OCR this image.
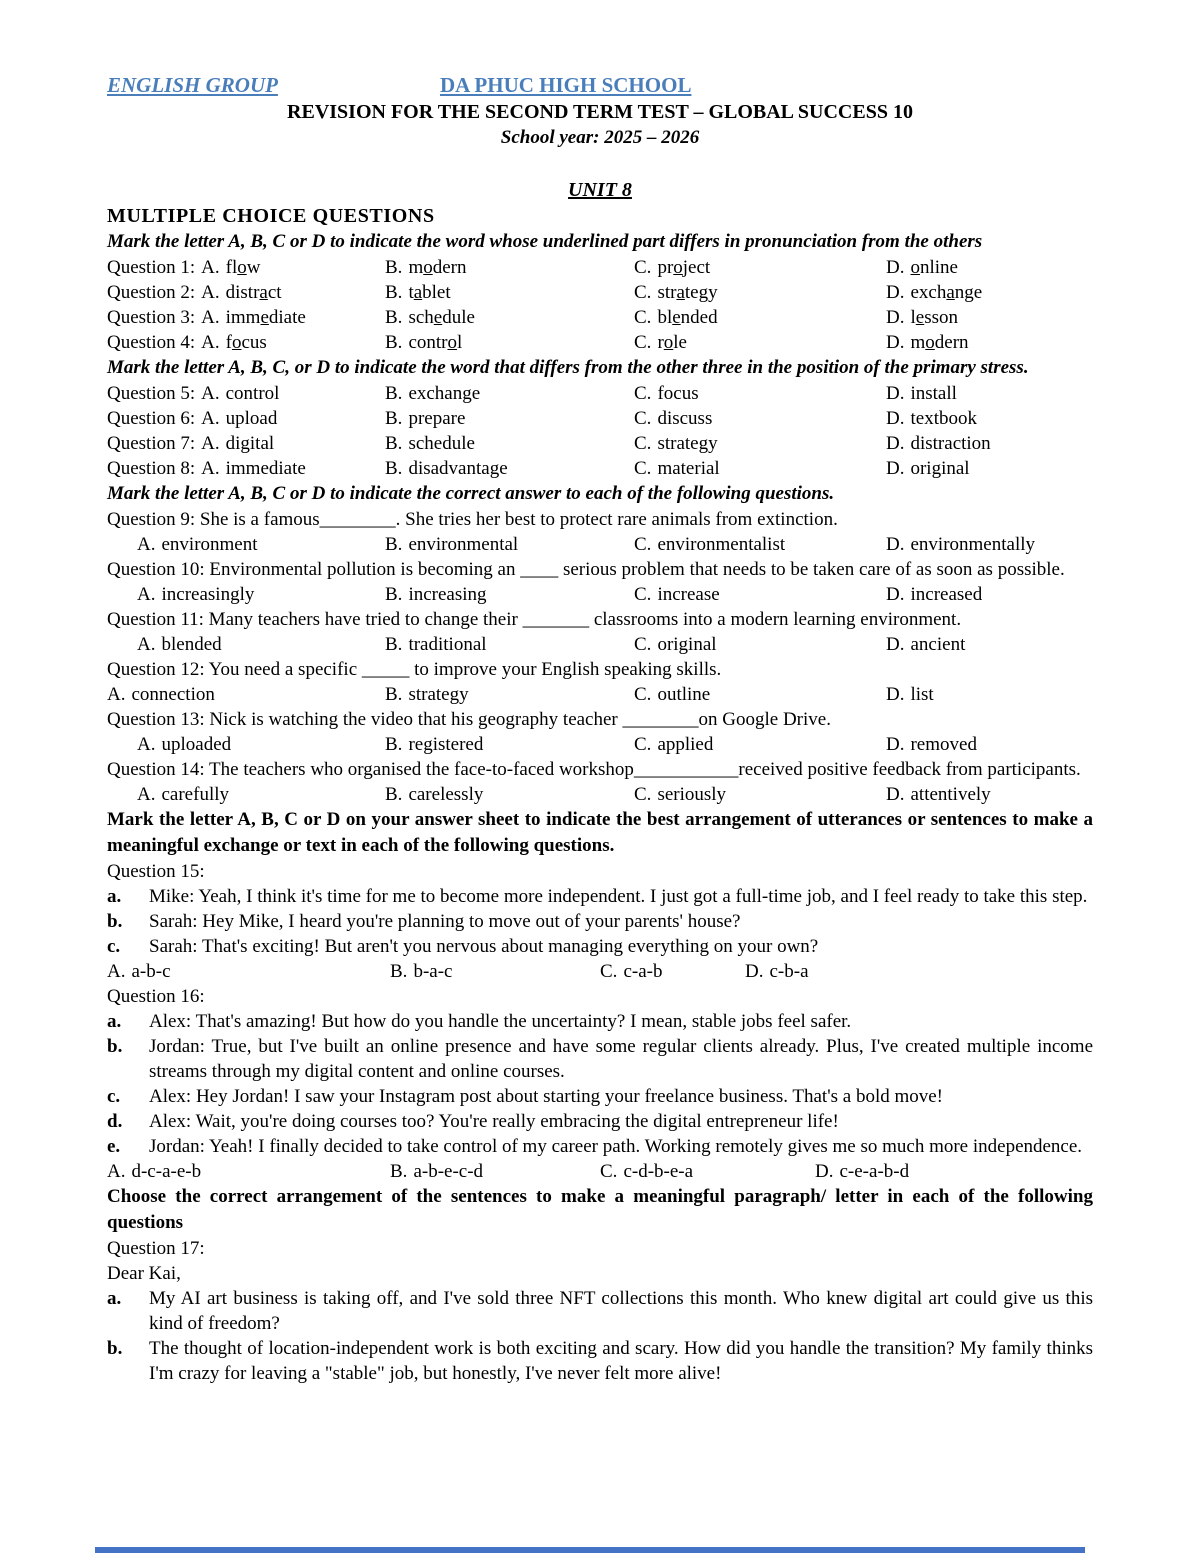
ENGLISH GROUP	DA PHUC HIGH SCHOOL
REVISION FOR THE SECOND TERM TEST – GLOBAL SUCCESS 10
School year: 2025 – 2026
UNIT 8
MULTIPLE CHOICE QUESTIONS
Mark the letter A, B, C or D to indicate the word whose underlined part differs in pronunciation from the others
Question 1: A. flow	B. modern	C. project	D. online
Question 2: A. distract	B. tablet	C. strategy	D. exchange
Question 3: A. immediate	B. schedule	C. blended	D. lesson
Question 4: A. focus	B. control	C. role	D. modern
Mark the letter A, B, C, or D to indicate the word that differs from the other three in the position of the primary stress.
Question 5: A. control	B. exchange	C. focus	D. install
Question 6: A. upload	B. prepare	C. discuss	D. textbook
Question 7: A. digital	B. schedule	C. strategy	D. distraction
Question 8: A. immediate	B. disadvantage	C. material	D. original
Mark the letter A, B, C or D to indicate the correct answer to each of the following questions.
Question 9: She is a famous________. She tries her best to protect rare animals from extinction.
A. environment	B. environmental	C. environmentalist	D. environmentally
Question 10: Environmental pollution is becoming an ____ serious problem that needs to be taken care of as soon as possible.
A. increasingly	B. increasing	C. increase	D. increased
Question 11: Many teachers have tried to change their _______ classrooms into a modern learning environment.
A. blended	B. traditional	C. original	D. ancient
Question 12: You need a specific _____ to improve your English speaking skills.
A. connection	B. strategy	C. outline	D. list
Question 13: Nick is watching the video that his geography teacher ________on Google Drive.
A. uploaded	B. registered	C. applied	D. removed
Question 14: The teachers who organised the face-to-faced workshop___________received positive feedback from participants.
A. carefully	B. carelessly	C. seriously	D. attentively
Mark the letter A, B, C or D on your answer sheet to indicate the best arrangement of utterances or sentences to make a meaningful exchange or text in each of the following questions.
Question 15:
a.	Mike: Yeah, I think it's time for me to become more independent. I just got a full-time job, and I feel ready to take this step.
b.	Sarah: Hey Mike, I heard you're planning to move out of your parents' house?
c.	Sarah: That's exciting! But aren't you nervous about managing everything on your own?
A. a-b-c	B. b-a-c	C. c-a-b	D. c-b-a
Question 16:
a.	Alex: That's amazing! But how do you handle the uncertainty? I mean, stable jobs feel safer.
b.	Jordan: True, but I've built an online presence and have some regular clients already. Plus, I've created multiple income streams through my digital content and online courses.
c.	Alex: Hey Jordan! I saw your Instagram post about starting your freelance business. That's a bold move!
d.	Alex: Wait, you're doing courses too? You're really embracing the digital entrepreneur life!
e.	Jordan: Yeah! I finally decided to take control of my career path. Working remotely gives me so much more independence.
A. d-c-a-e-b	B. a-b-e-c-d	C. c-d-b-e-a	D. c-e-a-b-d
Choose the correct arrangement of the sentences to make a meaningful paragraph/ letter in each of the following questions
Question 17:
Dear Kai,
a.	My AI art business is taking off, and I've sold three NFT collections this month. Who knew digital art could give us this kind of freedom?
b.	The thought of location-independent work is both exciting and scary. How did you handle the transition? My family thinks I'm crazy for leaving a "stable" job, but honestly, I've never felt more alive!
